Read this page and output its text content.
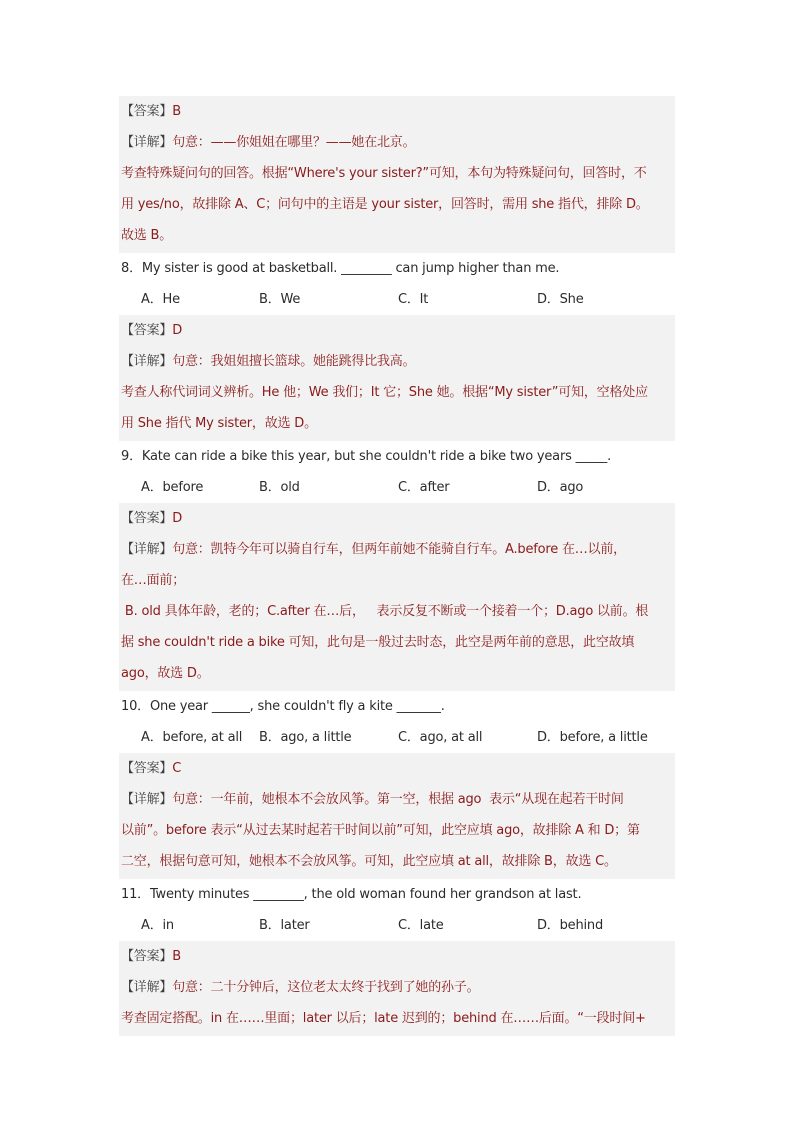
【答案】B
【详解】句意：——你姐姐在哪里？——她在北京。
考查特殊疑问句的回答。根据“Where's your sister?”可知，本句为特殊疑问句，回答时，不
用 yes/no，故排除 A、C；问句中的主语是 your sister，回答时，需用 she 指代，排除 D。
故选 B。
8．My sister is good at basketball. ________ can jump higher than me.
A．He	B．We	C．It	D．She
【答案】D
【详解】句意：我姐姐擅长篮球。她能跳得比我高。
考查人称代词词义辨析。He 他；We 我们；It 它；She 她。根据“My sister”可知，空格处应
用 She 指代 My sister，故选 D。
9．Kate can ride a bike this year, but she couldn't ride a bike two years _____.
A．before	B．old	C．after	D．ago
【答案】D
【详解】句意：凯特今年可以骑自行车，但两年前她不能骑自行车。A.before 在…以前，
在…面前；
B. old 具体年龄，老的；C.after 在…后，   表示反复不断或一个接着一个；D.ago 以前。根
据 she couldn't ride a bike 可知，此句是一般过去时态，此空是两年前的意思，此空故填
ago，故选 D。
10．One year ______, she couldn't fly a kite _______.
A．before, at all	B．ago, a little	C．ago, at all	D．before, a little
【答案】C
【详解】句意：一年前，她根本不会放风筝。第一空，根据 ago  表示“从现在起若干时间
以前”。before 表示“从过去某时起若干时间以前”可知，此空应填 ago，故排除 A 和 D；第
二空，根据句意可知，她根本不会放风筝。可知，此空应填 at all，故排除 B，故选 C。
11．Twenty minutes ________, the old woman found her grandson at last.
A．in	B．later	C．late	D．behind
【答案】B
【详解】句意：二十分钟后，这位老太太终于找到了她的孙子。
考查固定搭配。in 在……里面；later 以后；late 迟到的；behind 在……后面。“一段时间+
